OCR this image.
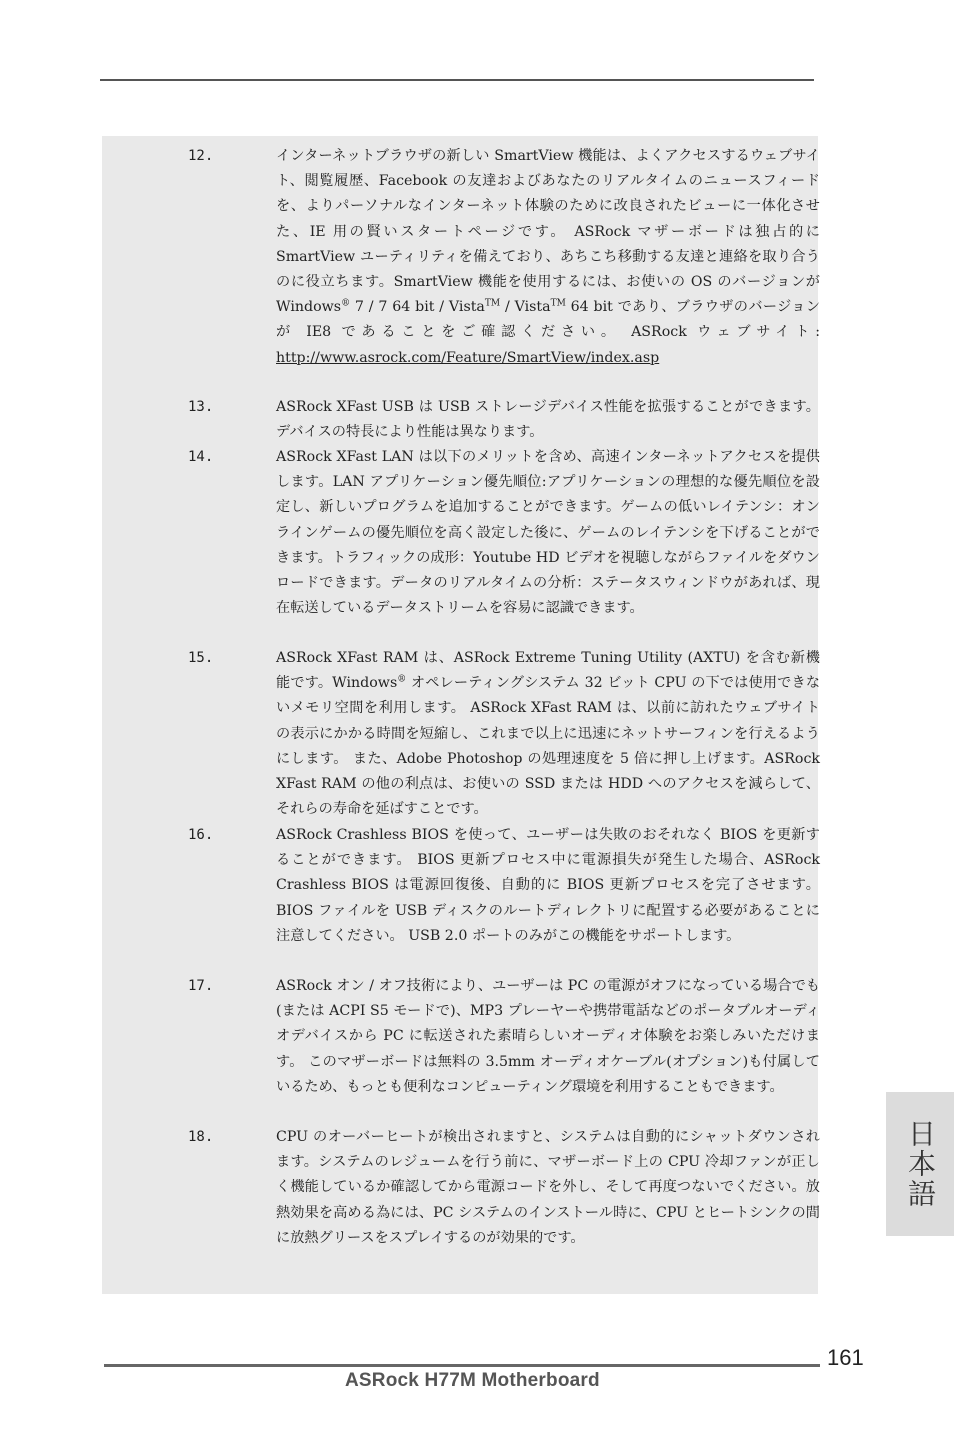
12.	インターネットブラウザの新しい SmartView 機能は、よくアクセスするウェブサイト、閲覧履歴、Facebook の友達およびあなたのリアルタイムのニュースフィードを、よりパーソナルなインターネット体験のために改良されたビューに一体化させた、IE 用の賢いスタートページです。 ASRock マザーボードは独占的に SmartView ユーティリティを備えており、あちこち移動する友達と連絡を取り合うのに役立ちます。SmartView 機能を使用するには、お使いの OS のバージョンが Windows® 7 / 7 64 bit / Vista™ / Vista™ 64 bit であり、ブラウザのバージョンが IE8 であることをご確認ください。 ASRock ウェブサイト: http://www.asrock.com/Feature/SmartView/index.asp
13.	ASRock XFast USB は USB ストレージデバイス性能を拡張することができます。デバイスの特長により性能は異なります。
14.	ASRock XFast LAN は以下のメリットを含め、高速インターネットアクセスを提供します。LAN アプリケーション優先順位:アプリケーションの理想的な優先順位を設定し、新しいプログラムを追加することができます。ゲームの低いレイテンシ：オンラインゲームの優先順位を高く設定した後に、ゲームのレイテンシを下げることができます。トラフィックの成形：Youtube HD ビデオを視聴しながらファイルをダウンロードできます。データのリアルタイムの分析：ステータスウィンドウがあれば、現在転送しているデータストリームを容易に認識できます。
15.	ASRock XFast RAM は、ASRock Extreme Tuning Utility (AXTU) を含む新機能です。Windows® オペレーティングシステム 32 ビット CPU の下では使用できないメモリ空間を利用します。 ASRock XFast RAM は、以前に訪れたウェブサイトの表示にかかる時間を短縮し、これまで以上に迅速にネットサーフィンを行えるようにします。 また、Adobe Photoshop の処理速度を 5 倍に押し上げます。ASRock XFast RAM の他の利点は、お使いの SSD または HDD へのアクセスを減らして、それらの寿命を延ばすことです。
16.	ASRock Crashless BIOS を使って、ユーザーは失敗のおそれなく BIOS を更新することができます。 BIOS 更新プロセス中に電源損失が発生した場合、ASRock Crashless BIOS は電源回復後、自動的に BIOS 更新プロセスを完了させます。 BIOS ファイルを USB ディスクのルートディレクトリに配置する必要があることに注意してください。 USB 2.0 ポートのみがこの機能をサポートします。
17.	ASRock オン / オフ技術により、ユーザーは PC の電源がオフになっている場合でも(または ACPI S5 モードで)、MP3 プレーヤーや携帯電話などのポータブルオーディオデバイスから PC に転送された素晴らしいオーディオ体験をお楽しみいただけます。 このマザーボードは無料の 3.5mm オーディオケーブル(オプション)も付属しているため、もっとも便利なコンピューティング環境を利用することもできます。
18.	CPU のオーバーヒートが検出されますと、システムは自動的にシャットダウンされます。システムのレジュームを行う前に、マザーボード上の CPU 冷却ファンが正しく機能しているか確認してから電源コードを外し、そして再度つないでください。放熱効果を高める為には、PC システムのインストール時に、CPU とヒートシンクの間に放熱グリースをスプレイするのが効果的です。
日本語
161
ASRock H77M Motherboard
